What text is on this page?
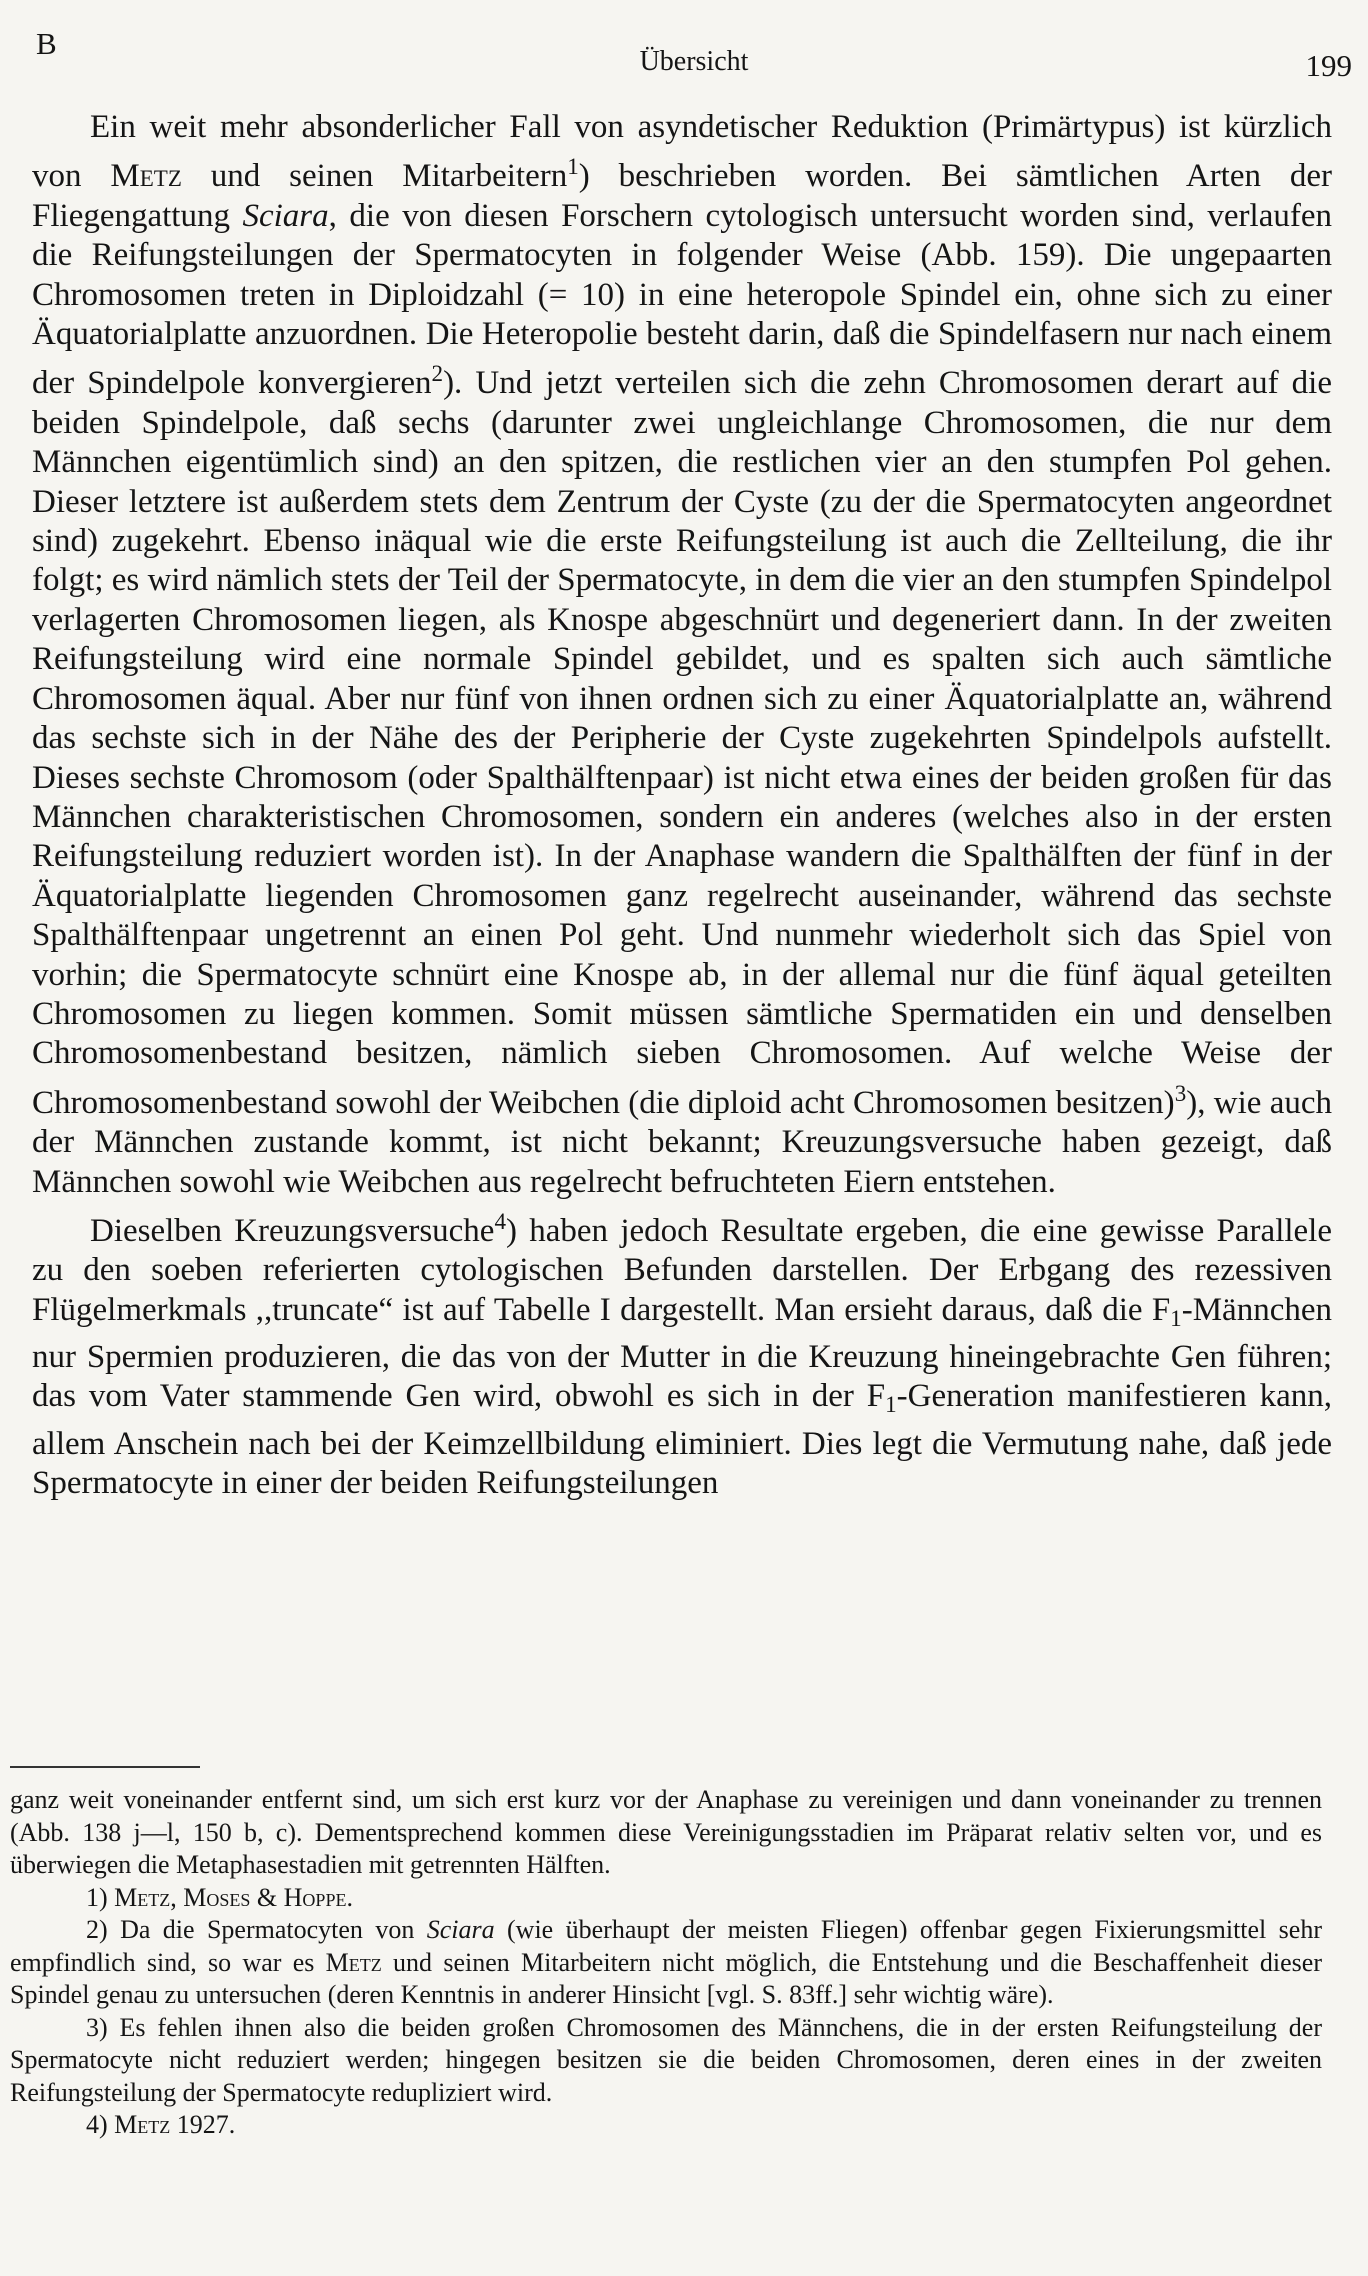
B
Übersicht	199

Ein weit mehr absonderlicher Fall von asyndetischer Reduktion (Primärtypus) ist kürzlich von Metz und seinen Mitarbeitern$^1$) beschrieben worden. Bei sämtlichen Arten der Fliegengattung Sciara, die von diesen Forschern cytologisch untersucht worden sind, verlaufen die Reifungsteilungen der Spermatocyten in folgender Weise (Abb. 159). Die ungepaarten Chromosomen treten in Diploidzahl (= 10) in eine heteropole Spindel ein, ohne sich zu einer Äquatorialplatte anzuordnen. Die Heteropolie besteht darin, daß die Spindelfasern nur nach einem der Spindelpole konvergieren$^2$). Und jetzt verteilen sich die zehn Chromosomen derart auf die beiden Spindelpole, daß sechs (darunter zwei ungleichlange Chromosomen, die nur dem Männchen eigentümlich sind) an den spitzen, die restlichen vier an den stumpfen Pol gehen. Dieser letztere ist außerdem stets dem Zentrum der Cyste (zu der die Spermatocyten angeordnet sind) zugekehrt. Ebenso inäqual wie die erste Reifungsteilung ist auch die Zellteilung, die ihr folgt; es wird nämlich stets der Teil der Spermatocyte, in dem die vier an den stumpfen Spindelpol verlagerten Chromosomen liegen, als Knospe abgeschnürt und degeneriert dann. In der zweiten Reifungsteilung wird eine normale Spindel gebildet, und es spalten sich auch sämtliche Chromosomen äqual. Aber nur fünf von ihnen ordnen sich zu einer Äquatorialplatte an, während das sechste sich in der Nähe des der Peripherie der Cyste zugekehrten Spindelpols aufstellt. Dieses sechste Chromosom (oder Spalthälftenpaar) ist nicht etwa eines der beiden großen für das Männchen charakteristischen Chromosomen, sondern ein anderes (welches also in der ersten Reifungsteilung reduziert worden ist). In der Anaphase wandern die Spalthälften der fünf in der Äquatorialplatte liegenden Chromosomen ganz regelrecht auseinander, während das sechste Spalthälftenpaar ungetrennt an einen Pol geht. Und nunmehr wiederholt sich das Spiel von vorhin; die Spermatocyte schnürt eine Knospe ab, in der allemal nur die fünf äqual geteilten Chromosomen zu liegen kommen. Somit müssen sämtliche Spermatiden ein und denselben Chromosomenbestand besitzen, nämlich sieben Chromosomen. Auf welche Weise der Chromosomenbestand sowohl der Weibchen (die diploid acht Chromosomen besitzen)$^3$), wie auch der Männchen zustande kommt, ist nicht bekannt; Kreuzungsversuche haben gezeigt, daß Männchen sowohl wie Weibchen aus regelrecht befruchteten Eiern entstehen.

Dieselben Kreuzungsversuche$^4$) haben jedoch Resultate ergeben, die eine gewisse Parallele zu den soeben referierten cytologischen Befunden darstellen. Der Erbgang des rezessiven Flügelmerkmals ,,truncate“ ist auf Tabelle I dargestellt. Man ersieht daraus, daß die $F_1$-Männchen nur Spermien produzieren, die das von der Mutter in die Kreuzung hineingebrachte Gen führen; das vom Vater stammende Gen wird, obwohl es sich in der $F_1$-Generation manifestieren kann, allem Anschein nach bei der Keimzellbildung eliminiert. Dies legt die Vermutung nahe, daß jede Spermatocyte in einer der beiden Reifungsteilungen

ganz weit voneinander entfernt sind, um sich erst kurz vor der Anaphase zu vereinigen und dann voneinander zu trennen (Abb. 138 j—l, 150 b, c). Dementsprechend kommen diese Vereinigungsstadien im Präparat relativ selten vor, und es überwiegen die Metaphasestadien mit getrennten Hälften.

1) Metz, Moses & Hoppe.

2) Da die Spermatocyten von Sciara (wie überhaupt der meisten Fliegen) offenbar gegen Fixierungsmittel sehr empfindlich sind, so war es Metz und seinen Mitarbeitern nicht möglich, die Entstehung und die Beschaffenheit dieser Spindel genau zu untersuchen (deren Kenntnis in anderer Hinsicht [vgl. S. 83ff.] sehr wichtig wäre).

3) Es fehlen ihnen also die beiden großen Chromosomen des Männchens, die in der ersten Reifungsteilung der Spermatocyte nicht reduziert werden; hingegen besitzen sie die beiden Chromosomen, deren eines in der zweiten Reifungsteilung der Spermatocyte redupliziert wird.

4) Metz 1927.
